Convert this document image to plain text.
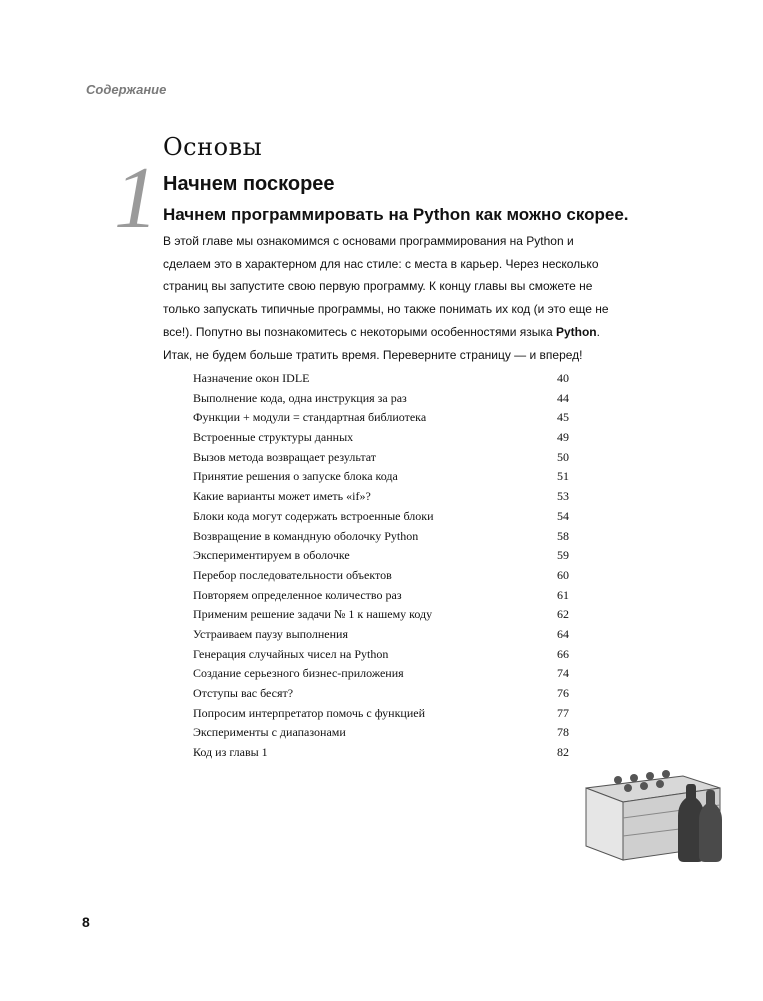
Содержание
1
Основы
Начнем поскорее
Начнем программировать на Python как можно скорее.
В этой главе мы ознакомимся с основами программирования на Python и сделаем это в характерном для нас стиле: с места в карьер. Через несколько страниц вы запустите свою первую программу. К концу главы вы сможете не только запускать типичные программы, но также понимать их код (и это еще не все!). Попутно вы познакомитесь с некоторыми особенностями языка Python. Итак, не будем больше тратить время. Переверните страницу — и вперед!
Назначение окон IDLE	40
Выполнение кода, одна инструкция за раз	44
Функции + модули = стандартная библиотека	45
Встроенные структуры данных	49
Вызов метода возвращает результат	50
Принятие решения о запуске блока кода	51
Какие варианты может иметь «if»?	53
Блоки кода могут содержать встроенные блоки	54
Возвращение в командную оболочку Python	58
Экспериментируем в оболочке	59
Перебор последовательности объектов	60
Повторяем определенное количество раз	61
Применим решение задачи № 1 к нашему коду	62
Устраиваем паузу выполнения	64
Генерация случайных чисел на Python	66
Создание серьезного бизнес-приложения	74
Отступы вас бесят?	76
Попросим интерпретатор помочь с функцией	77
Эксперименты с диапазонами	78
Код из главы 1	82
8
